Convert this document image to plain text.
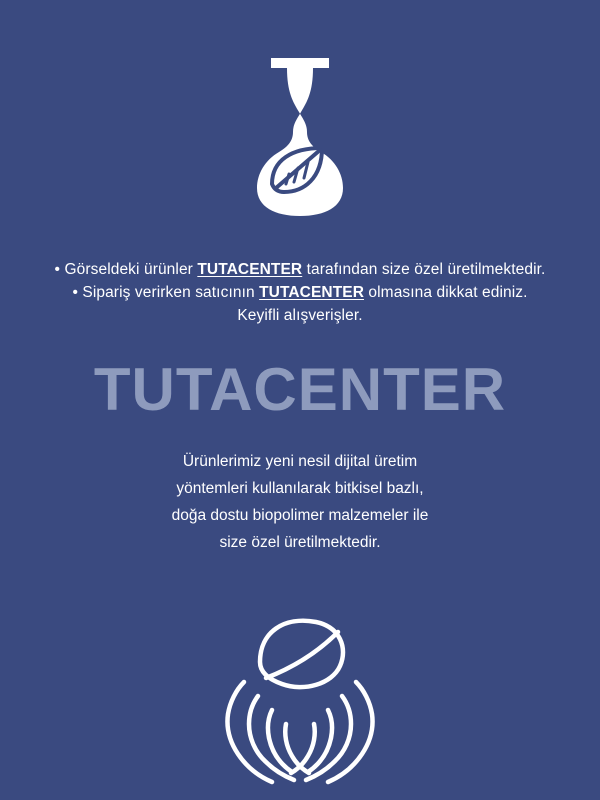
• Görseldeki ürünler TUTACENTER tarafından size özel üretilmektedir.
• Sipariş verirken satıcının TUTACENTER olmasına dikkat ediniz.
Keyifli alışverişler.
TUTACENTER
Ürünlerimiz yeni nesil dijital üretim
yöntemleri kullanılarak bitkisel bazlı,
doğa dostu biopolimer malzemeler ile
size özel üretilmektedir.
